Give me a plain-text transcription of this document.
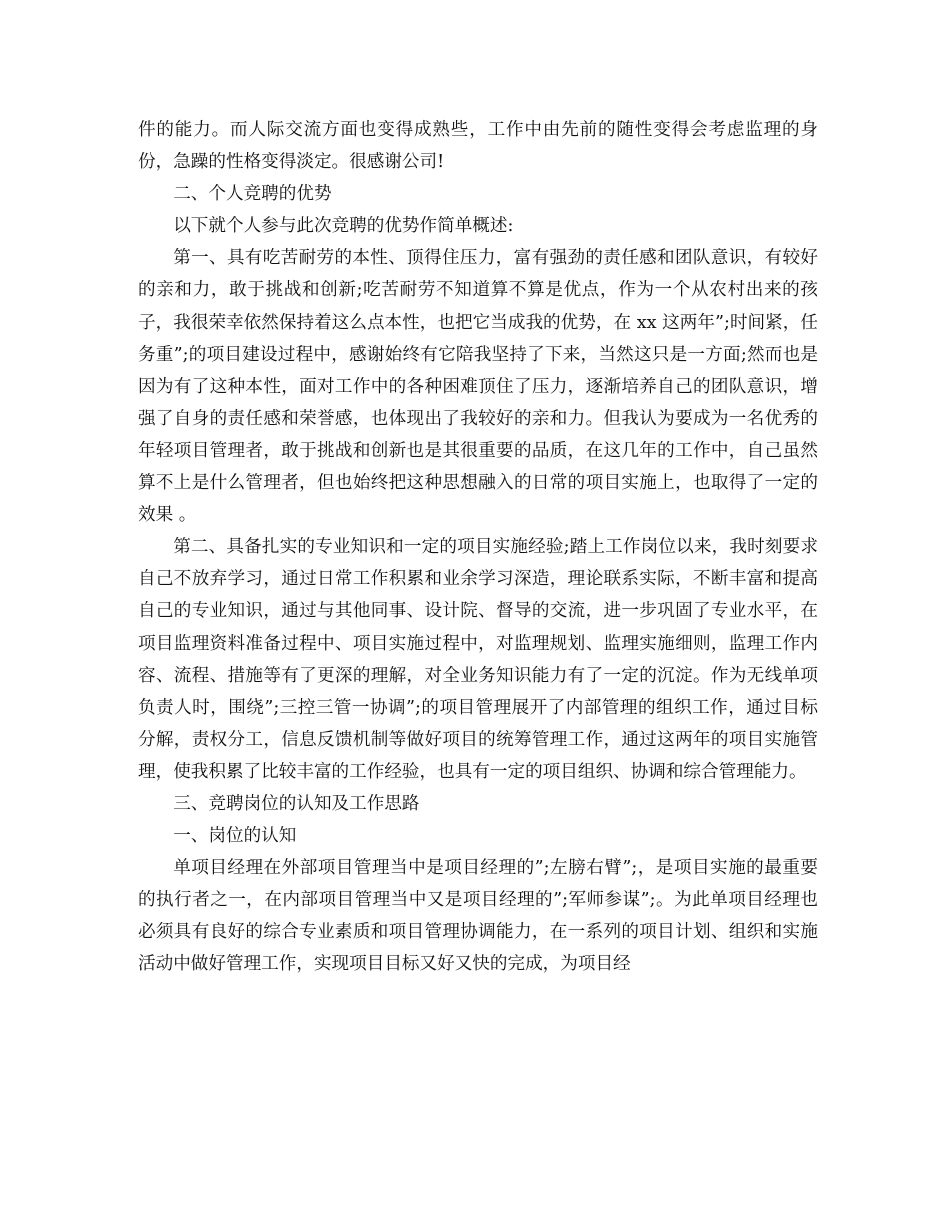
件的能力。而人际交流方面也变得成熟些，工作中由先前的随性变得会考虑监理的身份，急躁的性格变得淡定。很感谢公司!

二、个人竞聘的优势

以下就个人参与此次竞聘的优势作简单概述:

第一、具有吃苦耐劳的本性、顶得住压力，富有强劲的责任感和团队意识，有较好的亲和力，敢于挑战和创新;吃苦耐劳不知道算不算是优点，作为一个从农村出来的孩子，我很荣幸依然保持着这么点本性，也把它当成我的优势，在 xx 这两年”;时间紧，任务重”;的项目建设过程中，感谢始终有它陪我坚持了下来，当然这只是一方面;然而也是因为有了这种本性，面对工作中的各种困难顶住了压力，逐渐培养自己的团队意识，增强了自身的责任感和荣誉感，也体现出了我较好的亲和力。但我认为要成为一名优秀的年轻项目管理者，敢于挑战和创新也是其很重要的品质，在这几年的工作中，自己虽然算不上是什么管理者，但也始终把这种思想融入的日常的项目实施上，也取得了一定的效果 。

第二、具备扎实的专业知识和一定的项目实施经验;踏上工作岗位以来，我时刻要求自己不放弃学习，通过日常工作积累和业余学习深造，理论联系实际，不断丰富和提高自己的专业知识，通过与其他同事、设计院、督导的交流，进一步巩固了专业水平，在项目监理资料准备过程中、项目实施过程中，对监理规划、监理实施细则，监理工作内容、流程、措施等有了更深的理解，对全业务知识能力有了一定的沉淀。作为无线单项负责人时，围绕”;三控三管一协调”;的项目管理展开了内部管理的组织工作，通过目标分解，责权分工，信息反馈机制等做好项目的统筹管理工作，通过这两年的项目实施管理，使我积累了比较丰富的工作经验，也具有一定的项目组织、协调和综合管理能力。

三、竞聘岗位的认知及工作思路

一、岗位的认知

单项目经理在外部项目管理当中是项目经理的”;左膀右臂”;，是项目实施的最重要的执行者之一，在内部项目管理当中又是项目经理的”;军师参谋”;。为此单项目经理也必须具有良好的综合专业素质和项目管理协调能力，在一系列的项目计划、组织和实施活动中做好管理工作，实现项目目标又好又快的完成，为项目经
